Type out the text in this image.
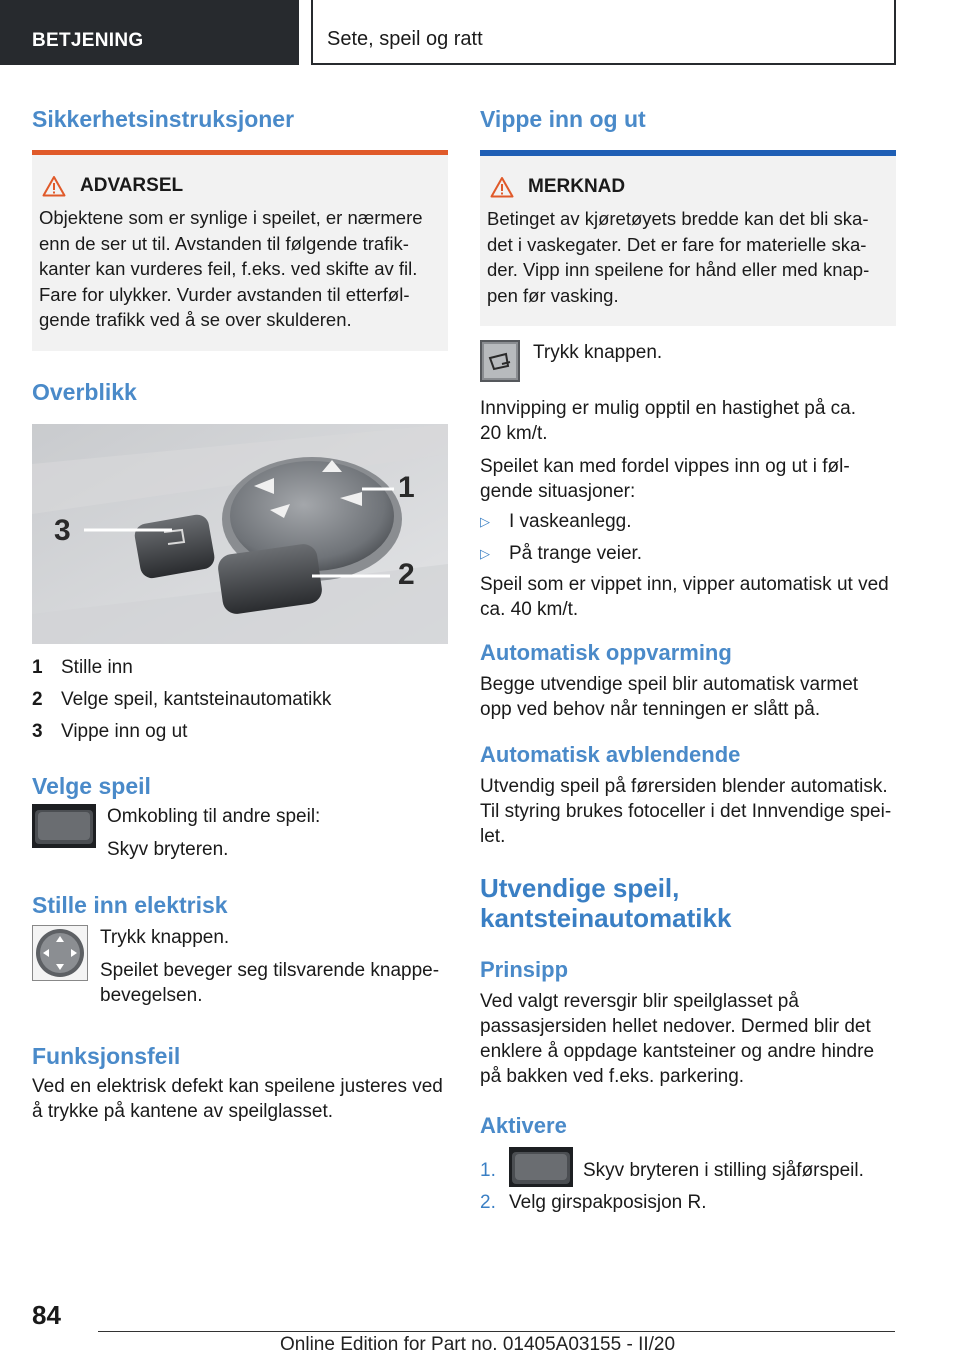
BETJENING	Sete, speil og ratt
Sikkerhetsinstruksjoner
ADVARSEL

Objektene som er synlige i speilet, er nærmere enn de ser ut til. Avstanden til følgende trafikkanter kan vurderes feil, f.eks. ved skifte av fil. Fare for ulykker. Vurder avstanden til etterfølgende trafikk ved å se over skulderen.

Overblikk
1
2
3
1 Stille inn
2 Velge speil, kantsteinautomatikk
3 Vippe inn og ut
Velge speil

Omkobling til andre speil:

Skyv bryteren.

Stille inn elektrisk

Trykk knappen.

Speilet beveger seg tilsvarende knappebevegelsen.

Funksjonsfeil

Ved en elektrisk defekt kan speilene justeres ved å trykke på kantene av speilglasset.

Vippe inn og ut
MERKNAD

Betinget av kjøretøyets bredde kan det bli skadet i vaskegater. Det er fare for materielle skader. Vipp inn speilene for hånd eller med knappen før vasking.

Trykk knappen.

Innvipping er mulig opptil en hastighet på ca. 20 km/t.

Speilet kan med fordel vippes inn og ut i følgende situasjoner:

▷	I vaskeanlegg.
▷	På trange veier.

Speil som er vippet inn, vipper automatisk ut ved ca. 40 km/t.

Automatisk oppvarming

Begge utvendige speil blir automatisk varmet opp ved behov når tenningen er slått på.

Automatisk avblendende

Utvendig speil på førersiden blender automatisk. Til styring brukes fotoceller i det Innvendige speilet.

Utvendige speil, kantsteinautomatikk
Prinsipp

Ved valgt reversgir blir speilglasset på passasjersiden hellet nedover. Dermed blir det enklere å oppdage kantsteiner og andre hindre på bakken ved f.eks. parkering.

Aktivere
1.	Skyv bryteren i stilling sjåførspeil.
2. Velg girspakposisjon R.
84
Online Edition for Part no. 01405A03155 - II/20
